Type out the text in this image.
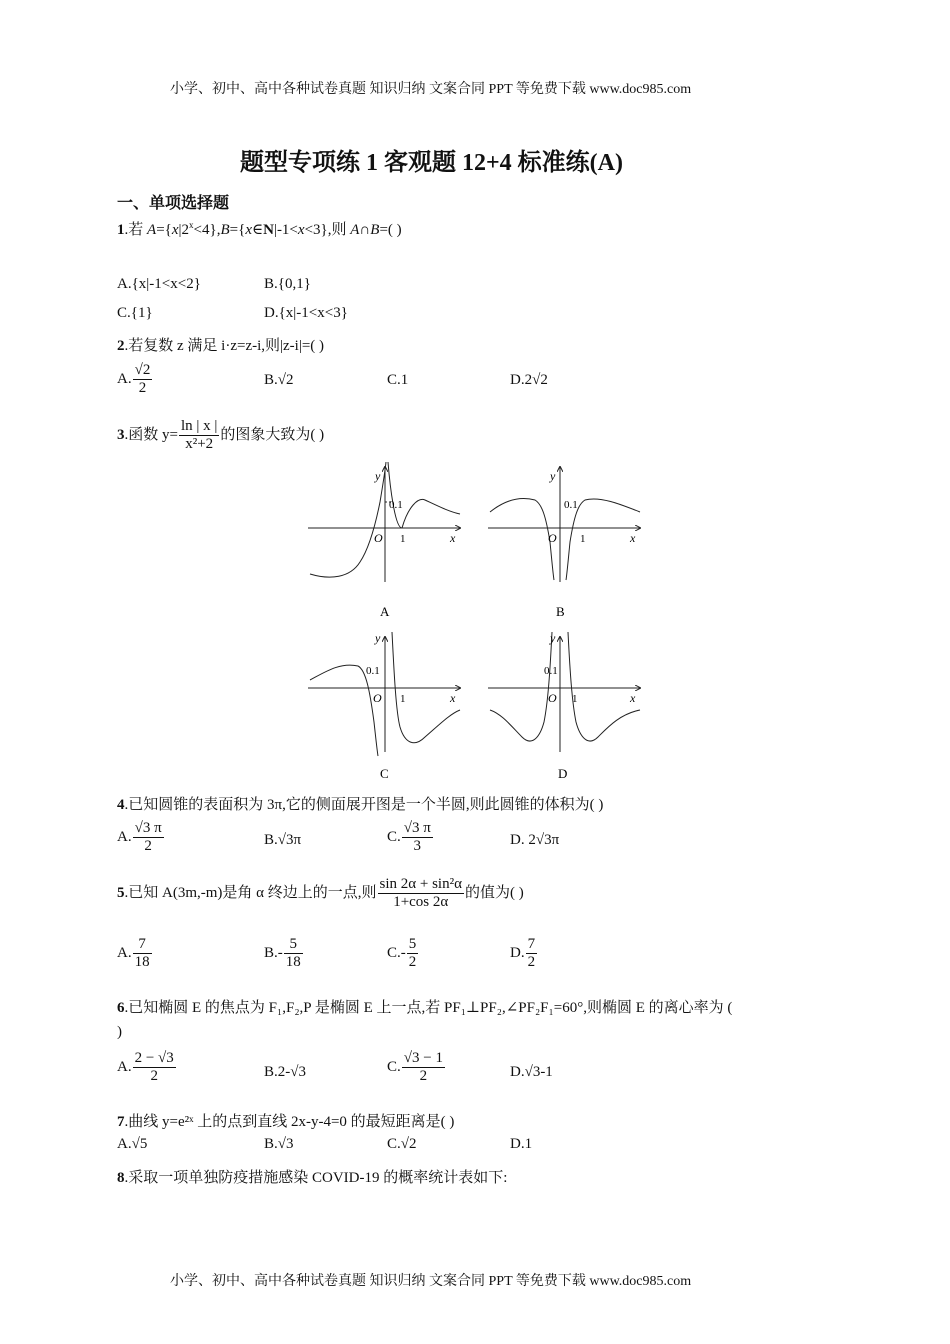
小学、初中、高中各种试卷真题 知识归纳 文案合同 PPT 等免费下载 www.doc985.com
小学、初中、高中各种试卷真题 知识归纳 文案合同 PPT 等免费下载 www.doc985.com
题型专项练 1 客观题 12+4 标准练(A)
一、单项选择题
1.若 $A=\{x|2^x<4\},B=\{x\in N|-1<x<3\}$,则 A∩B=( )
A.{x|-1<x<2}	B.{0,1}
C.{1}	D.{x|-1<x<3}
2.若复数 z 满足 i·z=z-i,则|z-i|=( )
A. $\frac{√2}{2}$	B.√2	C.1	D.2√2
3.函数 $y= \frac{\ln | x |}{\text{x²+2}}$ 的图象大致为( )
y
O 1	x
0.1
A
y
O 1	x
0.1
B
y
O 1	x
0.1
C
y
O 1	x
0.1
D
4.已知圆锥的表面积为 3π,它的侧面展开图是一个半圆,则此圆锥的体积为( )
A. $\frac{√3 \pi}{2}$	B.√3π	C. $\frac{√3 \pi}{3}$	D. 2√3π
5.已知 A(3m,-m)是角 α 终边上的一点,则 $\frac{\text{sin 2α + sin²α}}{1+\cos 2\alpha}$ 的值为( )
A. $\frac{7}{18}$	$B.- \frac{5}{18}$	$C.- \frac{5}{2}$	D. $\frac{7}{2}$
6.已知椭圆 E 的焦点为 F₁,F₂,P 是椭圆 E 上一点,若 PF₁⊥PF₂,∠PF₂F₁=60°,则椭圆 E 的离心率为 (
)
A. $\frac{2 - √3}{2}$	B.2-√3	C. $\frac{√3 - 1}{2}$	D.√3-1
7.曲线 y=e²ˣ 上的点到直线 2x-y-4=0 的最短距离是( )
A.√5	B.√3	C.√2	D.1
8.采取一项单独防疫措施感染 COVID-19 的概率统计表如下:
